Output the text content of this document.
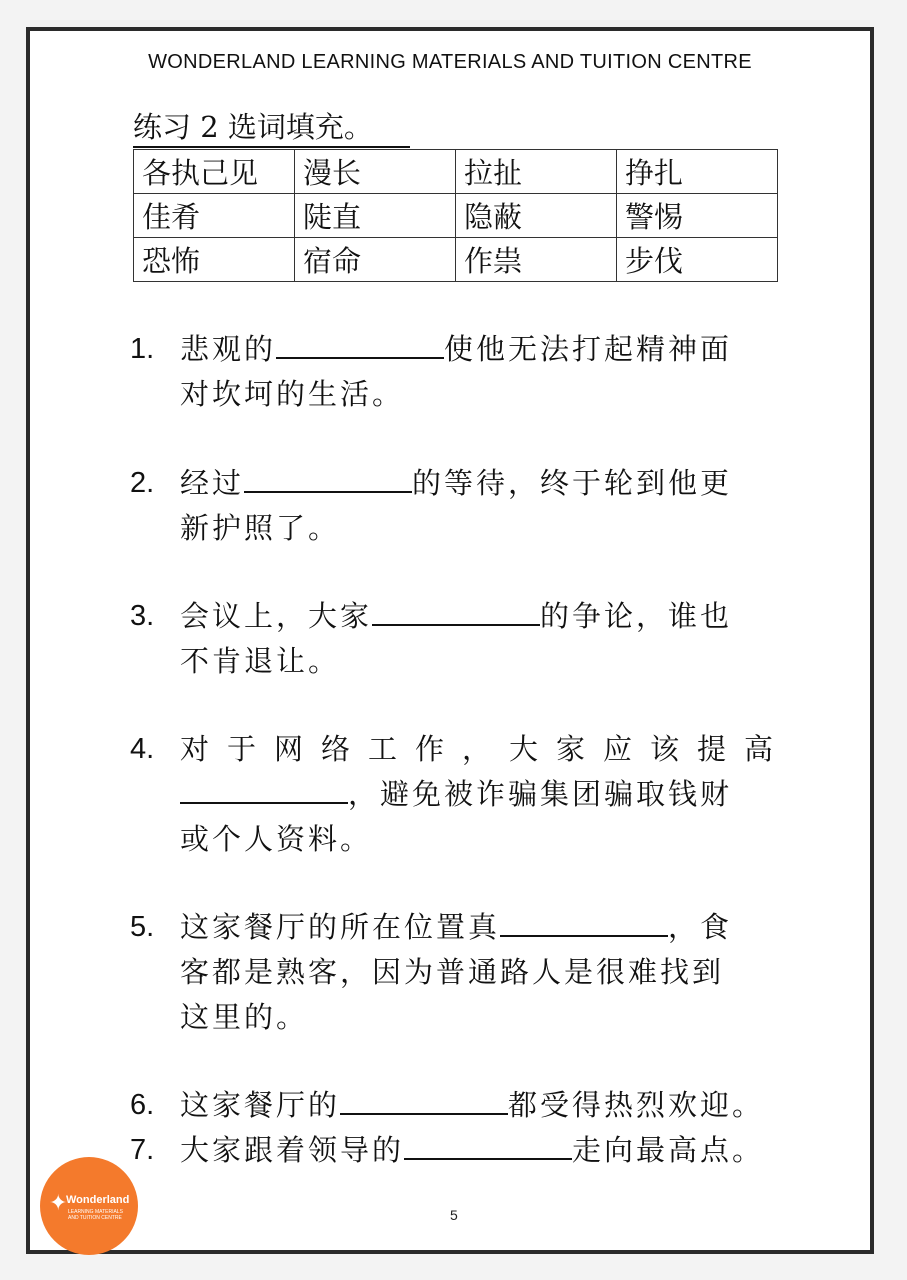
WONDERLAND LEARNING MATERIALS AND TUITION CENTRE
练习 2 选词填充。
各执己见	漫长	拉扯	挣扎
佳肴	陡直	隐蔽	警惕
恐怖	宿命	作祟	步伐
1. 悲观的	使他无法打起精神面
对坎坷的生活。
2. 经过	的等待，终于轮到他更
新护照了。
3. 会议上，大家	的争论，谁也
不肯退让。
4. 对于网络工作，大家应该提高
，避免被诈骗集团骗取钱财
或个人资料。
5. 这家餐厅的所在位置真	，食
客都是熟客，因为普通路人是很难找到
这里的。
6. 这家餐厅的	都受得热烈欢迎。
7. 大家跟着领导的	走向最高点。
✦
Wonderland
LEARNING MATERIALS AND TUITION CENTRE	5
